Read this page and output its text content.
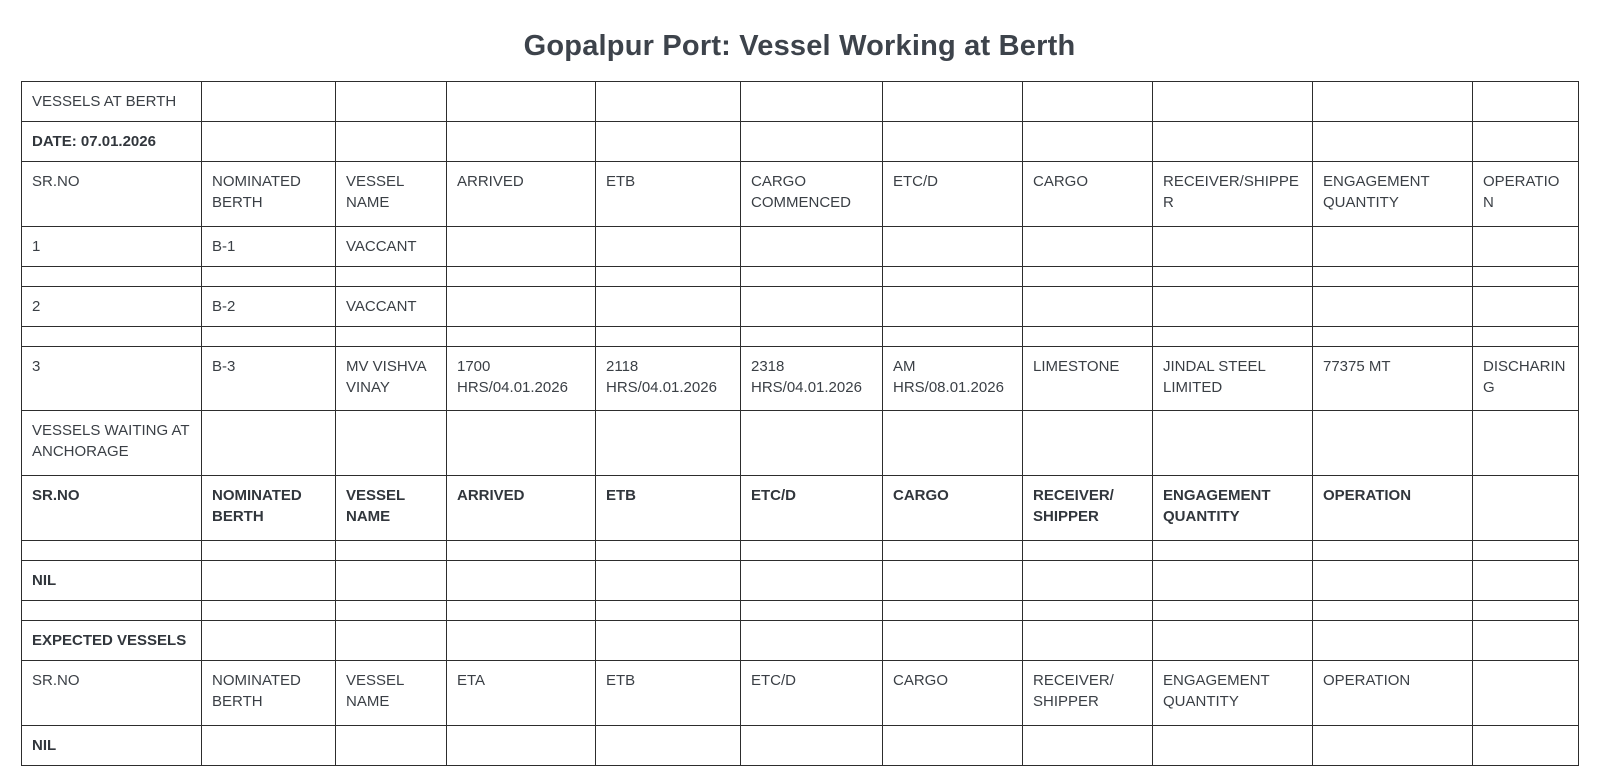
Gopalpur Port: Vessel Working at Berth
VESSELS AT BERTH										
DATE: 07.01.2026										
SR.NO	NOMINATED BERTH	VESSEL NAME	ARRIVED	ETB	CARGO COMMENCED	ETC/D	CARGO	RECEIVER/SHIPPER	ENGAGEMENT QUANTITY	OPERATION
1	B-1	VACCANT								

2	B-2	VACCANT								

3	B-3	MV VISHVA VINAY	1700 HRS/04.01.2026	2118 HRS/04.01.2026	2318 HRS/04.01.2026	AM HRS/08.01.2026	LIMESTONE	JINDAL STEEL LIMITED	77375 MT	DISCHARING
VESSELS WAITING AT ANCHORAGE										
SR.NO	NOMINATED BERTH	VESSEL NAME	ARRIVED	ETB	ETC/D	CARGO	RECEIVER/ SHIPPER	ENGAGEMENT QUANTITY	OPERATION	

NIL										

EXPECTED VESSELS										
SR.NO	NOMINATED BERTH	VESSEL NAME	ETA	ETB	ETC/D	CARGO	RECEIVER/ SHIPPER	ENGAGEMENT QUANTITY	OPERATION	
NIL										
